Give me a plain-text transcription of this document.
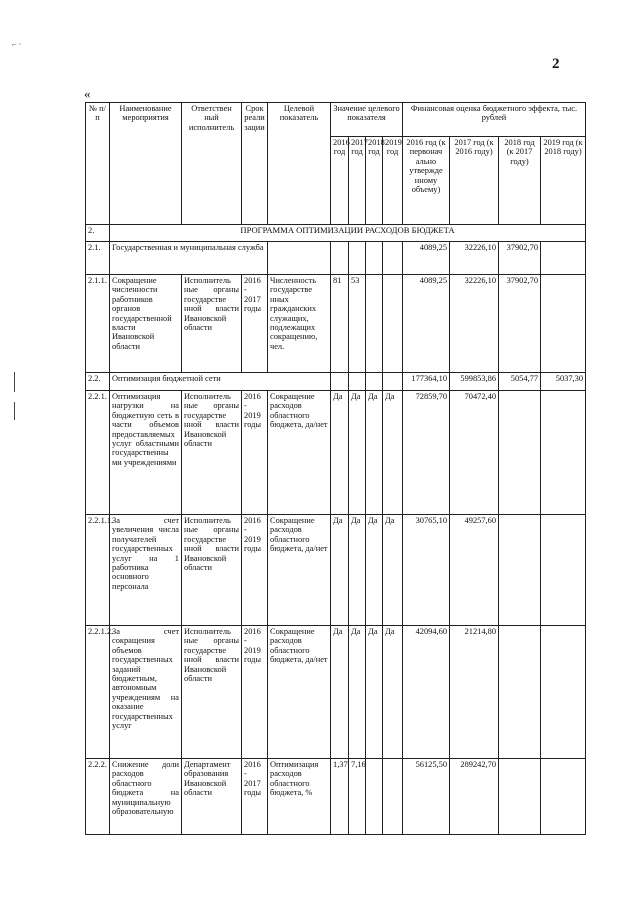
⌐ ·
2
«
№ п/п	Наименование мероприятия	Ответствен ный исполнитель	Срок реали зации	Целевой показатель	Значение целевого показателя				Финансовая оценка бюджетного эффекта, тыс. рублей			
					2016 год	2017 год	2018 год	2019 год	2016 год (к первонач ально утвержде нному объему)	2017 год (к 2016 году)	2018 год (к 2017 году)	2019 год (к 2018 году)
2.	ПРОГРАММА ОПТИМИЗАЦИИ РАСХОДОВ БЮДЖЕТА											
2.1.	Государственная и муниципальная служба								4089,25	32226,10	37902,70	
2.1.1.	Сокращение численности работников органов государственной власти Ивановской области	Исполнитель ные органы государстве нной власти Ивановской области	2016 - 2017 годы	Численность государстве нных гражданских служащих, подлежащих сокращению, чел.	81	53			4089,25	32226,10	37902,70	
2.2.	Оптимизация бюджетной сети								177364,10	599853,86	5054,77	5037,30
2.2.1.	Оптимизация нагрузки на бюджетную сеть в части объемов предоставляемых услуг областными государственны ми учреждениями	Исполнитель ные органы государстве нной власти Ивановской области	2016 - 2019 годы	Сокращение расходов областного бюджета, да/нет	Да	Да	Да	Да	72859,70	70472,40		
2.2.1.1.	За счет увеличения числа получателей государственных услуг на 1 работника основного персонала	Исполнитель ные органы государстве нной власти Ивановской области	2016 - 2019 годы	Сокращение расходов областного бюджета, да/нет	Да	Да	Да	Да	30765,10	49257,60		
2.2.1.2.	За счет сокращения объемов государственных заданий бюджетным, автономным учреждениям на оказание государственных услуг	Исполнитель ные органы государстве нной власти Ивановской области	2016 - 2019 годы	Сокращение расходов областного бюджета, да/нет	Да	Да	Да	Да	42094,60	21214,80		
2.2.2.	Снижение доли расходов областного бюджета на муниципальную образовательную	Департамент образования Ивановской области	2016 - 2017 годы	Оптимизация расходов областного бюджета, %	1,37	7,16			56125,50	289242,70		
